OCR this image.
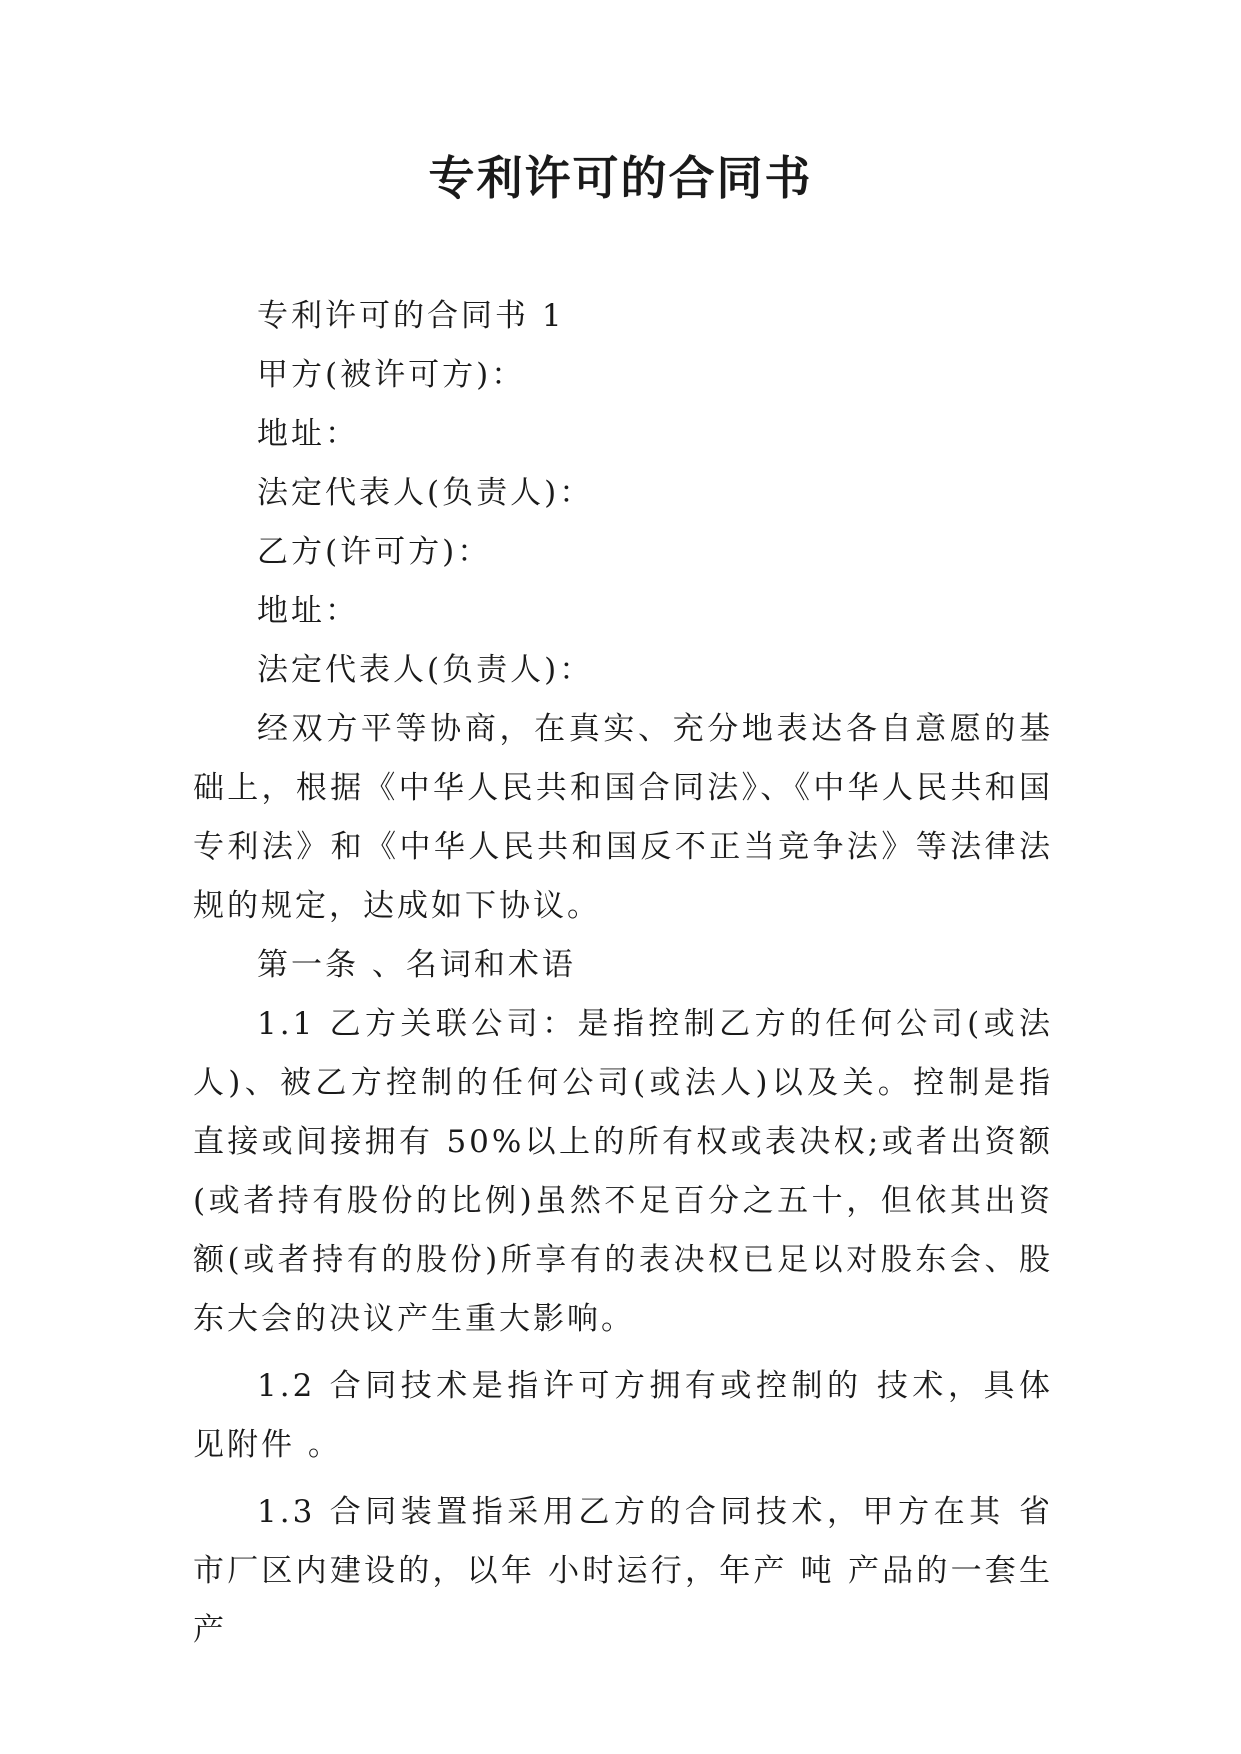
专利许可的合同书
专利许可的合同书 1
甲方(被许可方)：
地址：
法定代表人(负责人)：
乙方(许可方)：
地址：
法定代表人(负责人)：
经双方平等协商，在真实、充分地表达各自意愿的基础上，根据《中华人民共和国合同法》、《中华人民共和国专利法》和《中华人民共和国反不正当竞争法》等法律法规的规定，达成如下协议。
第一条 、名词和术语
1.1 乙方关联公司：是指控制乙方的任何公司(或法人)、被乙方控制的任何公司(或法人)以及关。控制是指直接或间接拥有 50%以上的所有权或表决权;或者出资额(或者持有股份的比例)虽然不足百分之五十，但依其出资额(或者持有的股份)所享有的表决权已足以对股东会、股东大会的决议产生重大影响。
1.2 合同技术是指许可方拥有或控制的 技术，具体见附件 。
1.3 合同装置指采用乙方的合同技术，甲方在其 省 市厂区内建设的，以年 小时运行，年产 吨 产品的一套生产
